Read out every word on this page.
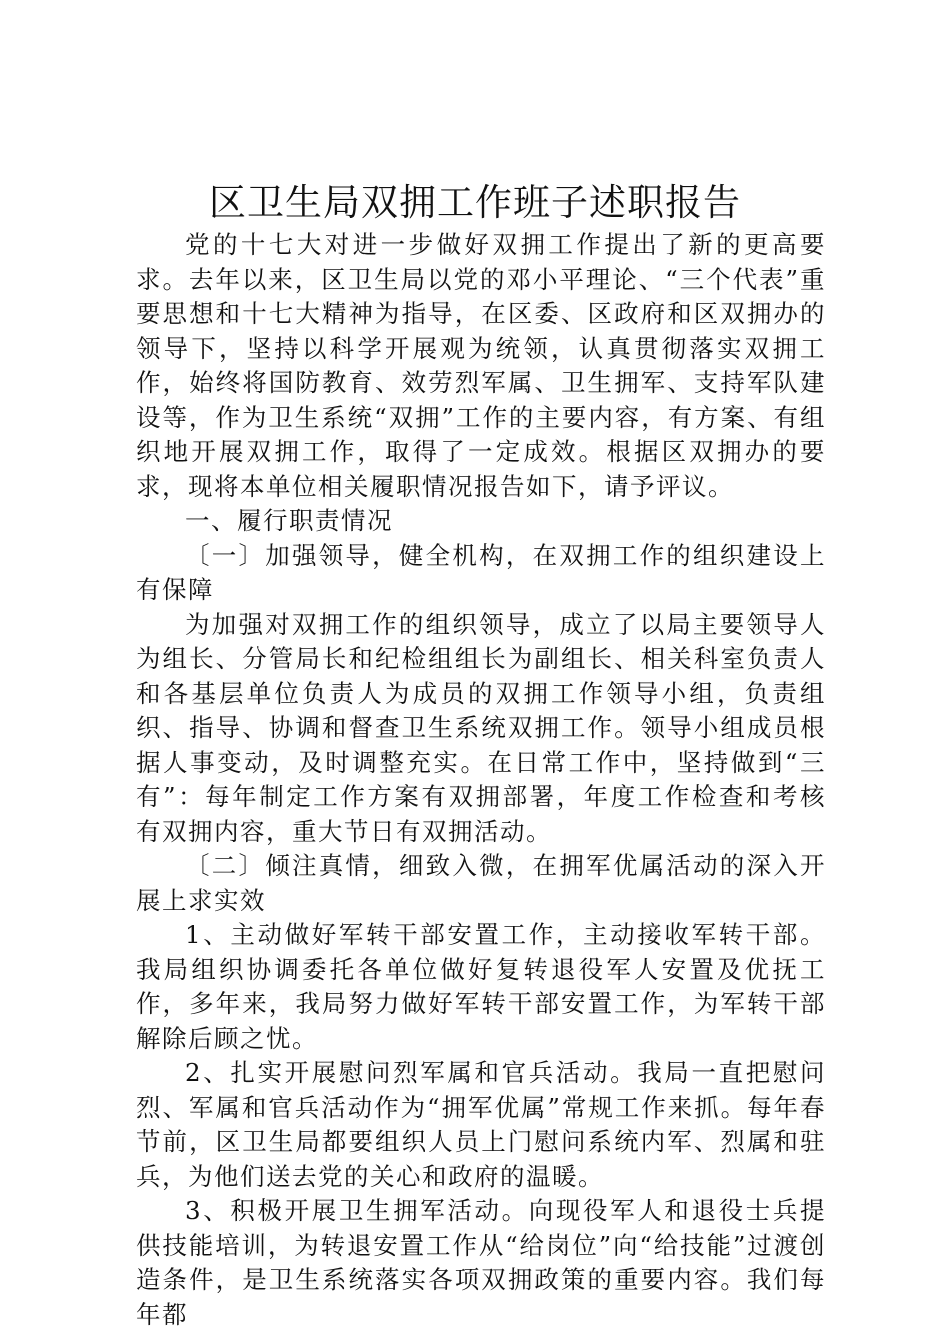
区卫生局双拥工作班子述职报告

党的十七大对进一步做好双拥工作提出了新的更高要求。去年以来，区卫生局以党的邓小平理论、“三个代表”重要思想和十七大精神为指导，在区委、区政府和区双拥办的领导下，坚持以科学开展观为统领，认真贯彻落实双拥工作，始终将国防教育、效劳烈军属、卫生拥军、支持军队建设等，作为卫生系统“双拥”工作的主要内容，有方案、有组织地开展双拥工作，取得了一定成效。根据区双拥办的要求，现将本单位相关履职情况报告如下，请予评议。

一、履行职责情况

〔一〕加强领导，健全机构，在双拥工作的组织建设上有保障

为加强对双拥工作的组织领导，成立了以局主要领导人为组长、分管局长和纪检组组长为副组长、相关科室负责人和各基层单位负责人为成员的双拥工作领导小组，负责组织、指导、协调和督查卫生系统双拥工作。领导小组成员根据人事变动，及时调整充实。在日常工作中，坚持做到“三有”：每年制定工作方案有双拥部署，年度工作检查和考核有双拥内容，重大节日有双拥活动。

〔二〕倾注真情，细致入微，在拥军优属活动的深入开展上求实效

1、主动做好军转干部安置工作，主动接收军转干部。我局组织协调委托各单位做好复转退役军人安置及优抚工作，多年来，我局努力做好军转干部安置工作，为军转干部解除后顾之忧。

2、扎实开展慰问烈军属和官兵活动。我局一直把慰问烈、军属和官兵活动作为“拥军优属”常规工作来抓。每年春节前，区卫生局都要组织人员上门慰问系统内军、烈属和驻兵，为他们送去党的关心和政府的温暖。

3、积极开展卫生拥军活动。向现役军人和退役士兵提供技能培训，为转退安置工作从“给岗位”向“给技能”过渡创造条件，是卫生系统落实各项双拥政策的重要内容。我们每年都
